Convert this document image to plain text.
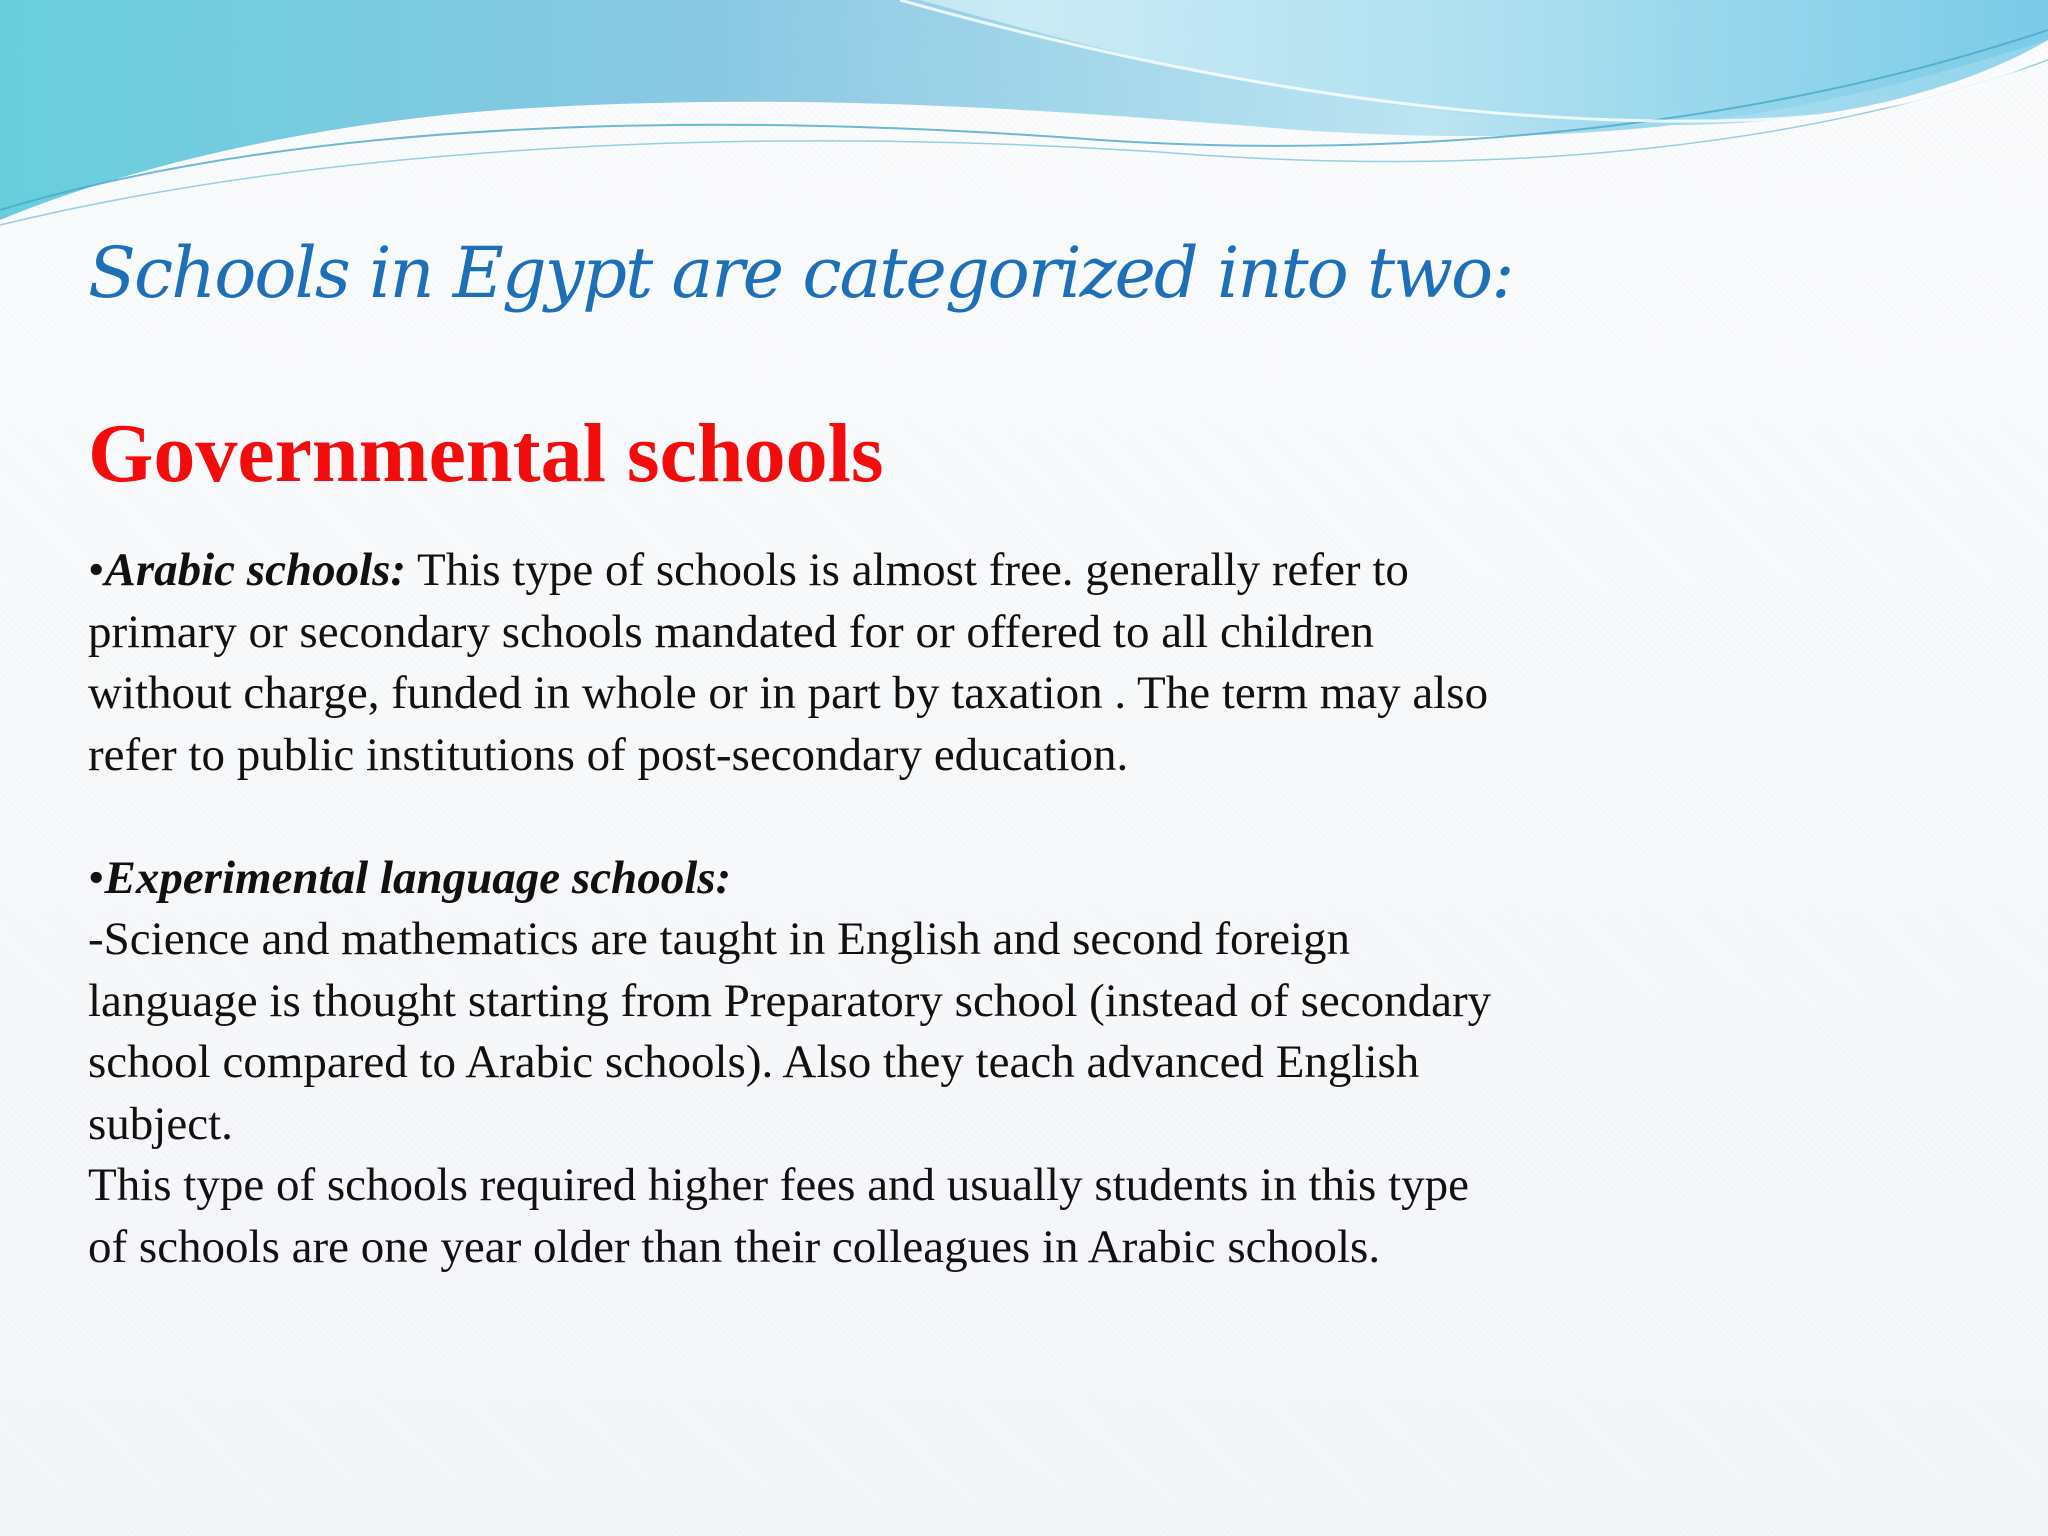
Schools in Egypt are categorized into two:
Governmental schools
•Arabic schools: This type of schools is almost free. generally refer to
primary or secondary schools mandated for or offered to all children
without charge, funded in whole or in part by taxation . The term may also
refer to public institutions of post-secondary education.
•Experimental language schools:
-Science and mathematics are taught in English and second foreign
language is thought starting from Preparatory school (instead of secondary
school compared to Arabic schools). Also they teach advanced English
subject.
This type of schools required higher fees and usually students in this type
of schools are one year older than their colleagues in Arabic schools.
